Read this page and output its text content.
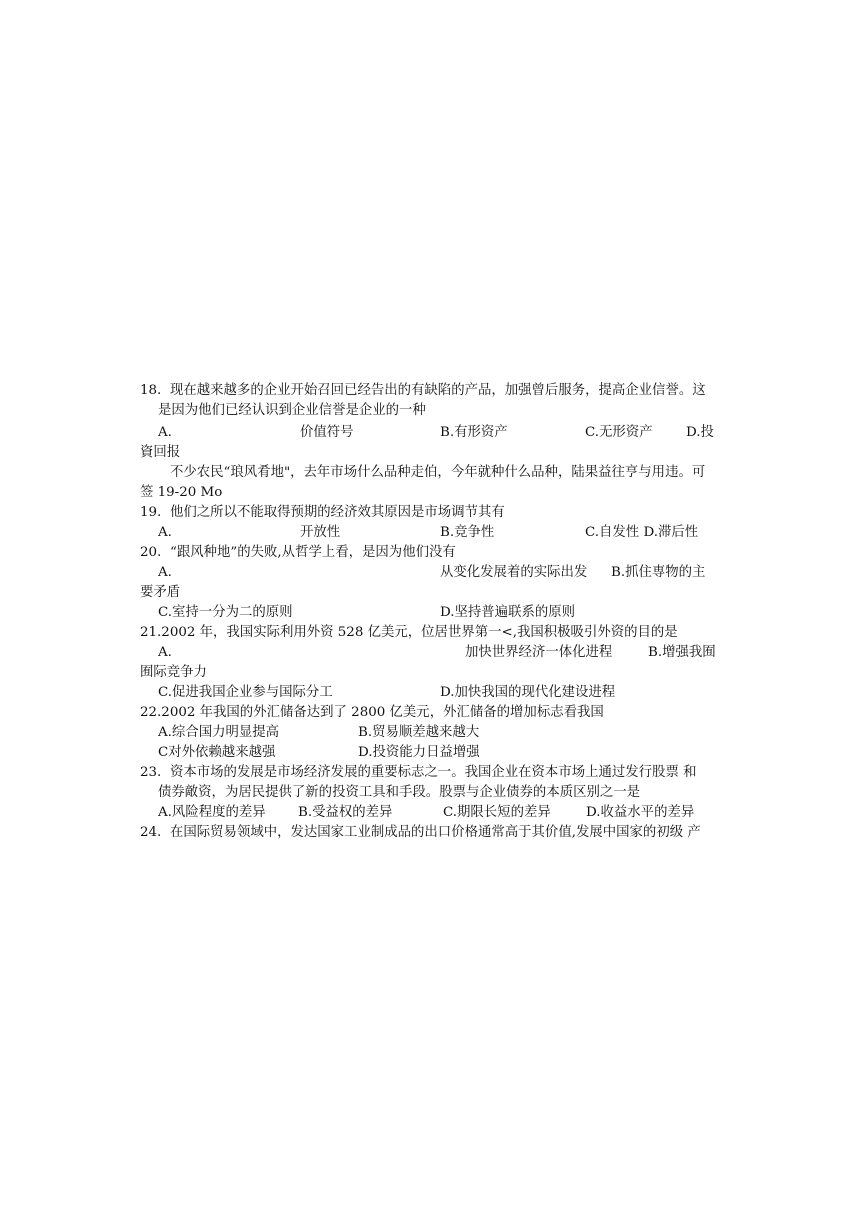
18. 现在越来越多的企业开始召回已经告出的有缺陷的产品，加强曾后服务，提高企业信誉。这
是因为他们已经认识到企业信誉是企业的一种
A.	价值符号	B.有形资产	C.无形资产 D.投
資回报
不少农民“琅风肴地"，去年市场什么品种走伯，今年就种什么品种，陆果益往亨与用违。可
签 19-20 Mo
19. 他们之所以不能取得预期的经济效其原因是市场调节其有
A.	开放性	B.竞争性	C.自发性 D.滞后性
20. “跟风种地”的失败,从哲学上看，是因为他们没有
A.	从变化发展着的实际出发 B.抓住専物的主
要矛盾
C.室持一分为二的原则	D.坚持普遍联系的原则
21.2002 年，我国实际利用外资 528 亿美元，位居世界第一<,我国积极吸引外资的目的是
A.	加快世界经济一体化进程	B.增强我囿
囿际竞争力
C.促进我国企业参与国际分工	D.加快我国的现代化建设进程
22.2002 年我国的外汇储备达到了 2800 亿美元，外汇储备的增加标志看我国
A.综合国力明显提高	B.贸易顺差越来越大
C对外依赖越来越强	D.投资能力日益增强
23. 资本市场的发展是市场经济发展的重要标志之一。我国企业在资本市场上通过发行股票 和
债券敵资，为居民提供了新的投资工具和手段。股票与企业债券的本质区别之一是
A.风险程度的差异 B.受益权的差异	C.期限长短的差异	D.收益水平的差异
24. 在国际贸易领域中，发达国家工业制成品的出口价格通常高于其价值,发展中国家的初级 产
